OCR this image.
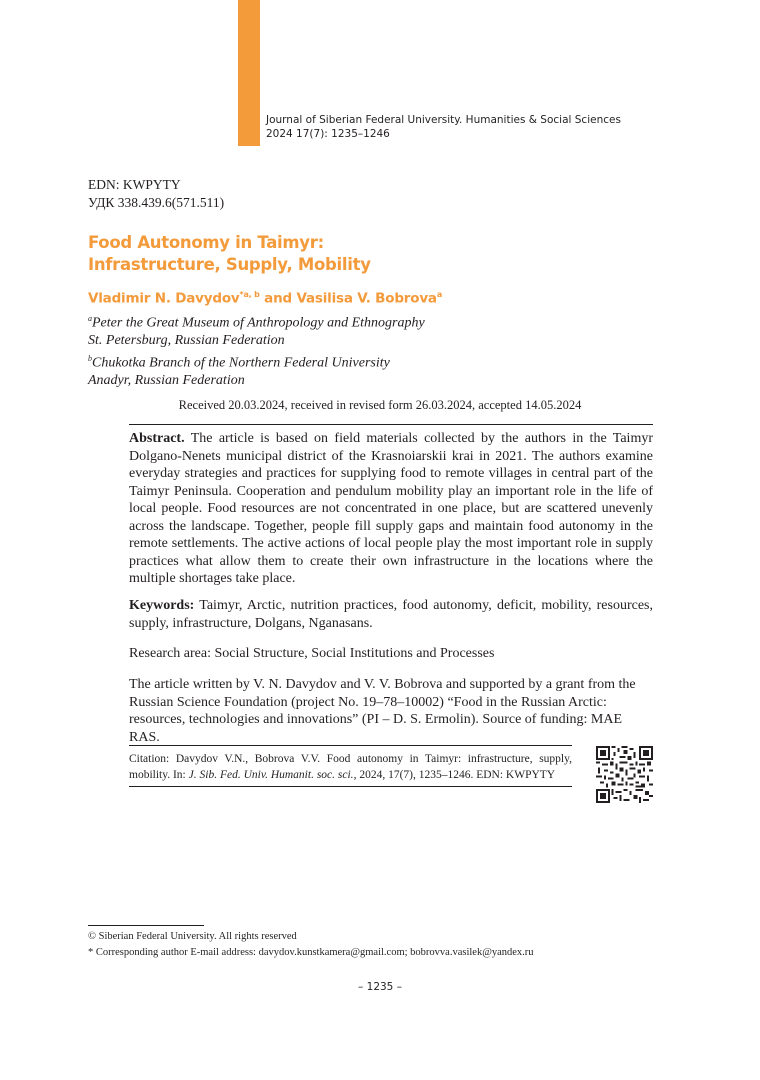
Journal of Siberian Federal University. Humanities & Social Sciences
2024 17(7): 1235–1246
EDN: KWPYTY
УДК 338.439.6(571.511)
Food Autonomy in Taimyr:
Infrastructure, Supply, Mobility
Vladimir N. Davydov$^{*a, b}$ and Vasilisa V. Bobrova$^a$
$^a$Peter the Great Museum of Anthropology and Ethnography
St. Petersburg, Russian Federation
$^b$Chukotka Branch of the Northern Federal University
Anadyr, Russian Federation
Received 20.03.2024, received in revised form 26.03.2024, accepted 14.05.2024
Abstract. The article is based on field materials collected by the authors in the Taimyr Dolgano-Nenets municipal district of the Krasnoiarskii krai in 2021. The authors examine everyday strategies and practices for supplying food to remote villages in central part of the Taimyr Peninsula. Cooperation and pendulum mobility play an important role in the life of local people. Food resources are not concentrated in one place, but are scattered unevenly across the landscape. Together, people fill supply gaps and maintain food autonomy in the remote settlements. The active actions of local people play the most important role in supply practices what allow them to create their own infrastructure in the locations where the multiple shortages take place.
Keywords: Taimyr, Arctic, nutrition practices, food autonomy, deficit, mobility, resources, supply, infrastructure, Dolgans, Nganasans.
Research area: Social Structure, Social Institutions and Processes
The article written by V. N. Davydov and V. V. Bobrova and supported by a grant from the Russian Science Foundation (project No. 19–78–10002) “Food in the Russian Arctic: resources, technologies and innovations” (PI – D. S. Ermolin). Source of funding: MAE RAS.
Citation: Davydov V.N., Bobrova V.V. Food autonomy in Taimyr: infrastructure, supply, mobility. In: J. Sib. Fed. Univ. Humanit. soc. sci., 2024, 17(7), 1235–1246. EDN: KWPYTY
© Siberian Federal University. All rights reserved
* Corresponding author E-mail address: davydov.kunstkamera@gmail.com; bobrovva.vasilek@yandex.ru
– 1235 –
